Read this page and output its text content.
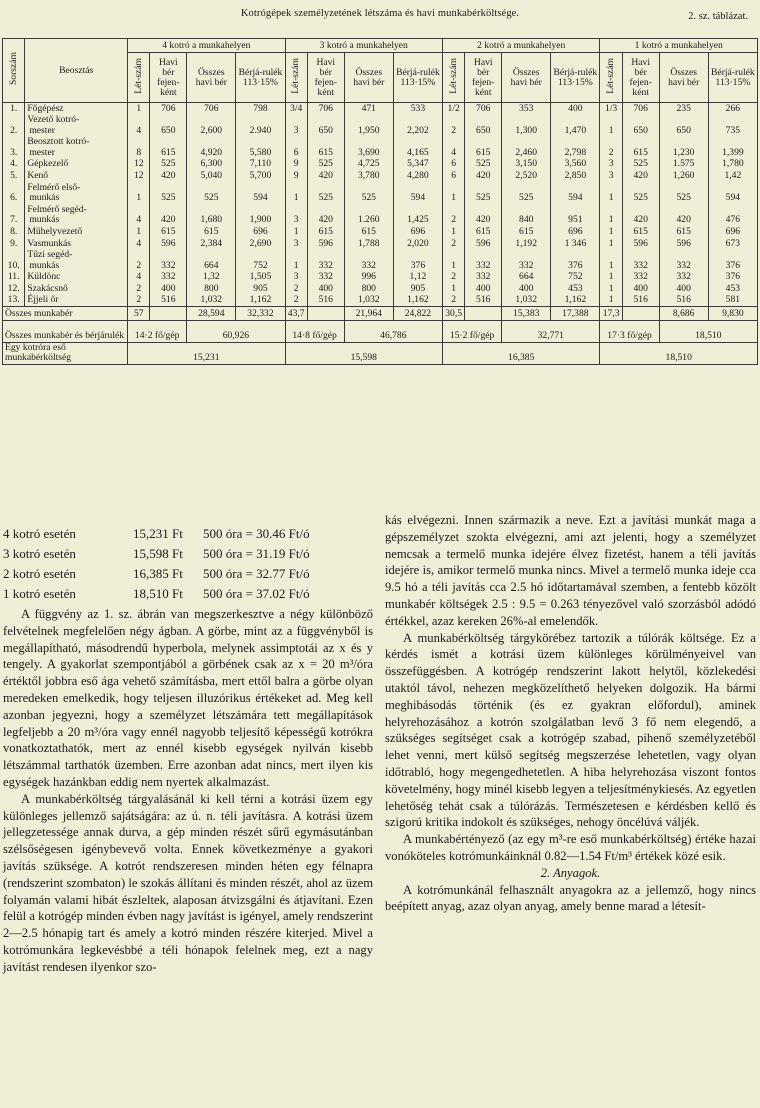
Kotrógépek személyzetének létszáma és havi munkabérköltsége.	2. sz. táblázat.
Sorszám	Beosztás	4 kotró a munkahelyen				3 kotró a munkahelyen				2 kotró a munkahelyen				1 kotró a munkahelyen			
		Lét-szám	Havi bér fejen-ként	Összes havi bér	Bérjá-rulék 113·15%	Lét-szám	Havi bér fejen-ként	Összes havi bér	Bérjá-rulék 113·15%	Lét-szám	Havi bér fejen-ként	Összes havi bér	Bérjá-rulék 113·15%	Lét-szám	Havi bér fejen-ként	Összes havi bér	Bérjá-rulék 113·15%
1.	Főgépész	1	706	706	798	3/4	706	471	533	1/2	706	353	400	1/3	706	235	266
2.	Vezető kotró-
mester	4	650	2,600	2.940	3	650	1,950	2,202	2	650	1,300	1,470	1	650	650	735
3.	Beosztott kotró-
mester	8	615	4,920	5,580	6	615	3,690	4,165	4	615	2,460	2,798	2	615	1,230	1,399
4.	Gépkezelő	12	525	6,300	7,110	9	525	4,725	5,347	6	525	3,150	3,560	3	525	1.575	1,780
5.	Kenő	12	420	5,040	5,700	9	420	3,780	4,280	6	420	2,520	2,850	3	420	1,260	1,42
6.	Felmérő első-
munkás	1	525	525	594	1	525	525	594	1	525	525	594	1	525	525	594
7.	Felmérő segéd-
munkás	4	420	1,680	1,900	3	420	1.260	1,425	2	420	840	951	1	420	420	476
8.	Műhelyvezető	1	615	615	696	1	615	615	696	1	615	615	696	1	615	615	696
9.	Vasmunkás	4	596	2,384	2,690	3	596	1,788	2,020	2	596	1,192	1 346	1	596	596	673
10.	Tűzi segéd-
munkás	2	332	664	752	1	332	332	376	1	332	332	376	1	332	332	376
11.	Küldönc	4	332	1,32	1,505	3	332	996	1,12	2	332	664	752	1	332	332	376
12.	Szakácsnő	2	400	800	905	2	400	800	905	1	400	400	453	1	400	400	453
13.	Éjjeli őr	2	516	1,032	1,162	2	516	1,032	1,162	2	516	1,032	1,162	1	516	516	581
Összes munkabér		57		28,594	32,332	43,7		21,964	24,822	30,5		15,383	17,388	17,3		8,686	9,830
Összes munkabér és bérjárulék		14·2 fő/gép		60,926		14·8 fő/gép		46,786		15·2 fő/gép		32,771		17·3 fő/gép		18,510	
Egy kotróra eső munkabérköltség		15,231				15,598				16,385				18,510			
4 kotró esetén	15,231 Ft	500 óra = 30.46 Ft/ó
3 kotró esetén	15,598 Ft	500 óra = 31.19 Ft/ó
2 kotró esetén	16,385 Ft	500 óra = 32.77 Ft/ó
1 kotró esetén	18,510 Ft	500 óra = 37.02 Ft/ó

A függvény az 1. sz. ábrán van megszerkesztve a négy különböző felvételnek megfelelően négy ágban. A görbe, mint az a függvényből is megállapítható, másodrendű hyperbola, melynek assimptotái az x és y tengely. A gyakorlat szempontjából a görbének csak az x = 20 m³/óra értéktől jobbra eső ága vehető számításba, mert ettől balra a görbe olyan meredeken emelkedik, hogy teljesen illuzórikus értékeket ad. Meg kell azonban jegyezni, hogy a személyzet létszámára tett megállapítások legfeljebb a 20 m³/óra vagy ennél nagyobb teljesítő képességű kotrókra vonatkoztathatók, mert az ennél kisebb egységek nyilván kisebb létszámmal tarthatók üzemben. Erre azonban adat nincs, mert ilyen kis egységek hazánkban eddig nem nyertek alkalmazást.

A munkabérköltség tárgyalásánál ki kell térni a kotrási üzem egy különleges jellemző sajátságára: az ú. n. téli javításra. A kotrási üzem jellegzetessége annak durva, a gép minden részét sűrű egymásutánban szélsőségesen igénybevevő volta. Ennek következménye a gyakori javítás szüksége. A kotrót rendszeresen minden héten egy félnapra (rendszerint szombaton) le szokás állítani és minden részét, ahol az üzem folyamán valami hibát észleltek, alaposan átvizsgálni és átjavítani. Ezen felül a kotrógép minden évben nagy javítást is igényel, amely rendszerint 2—2.5 hónapig tart és amely a kotró minden részére kiterjed. Mivel a kotrómunkára legkevésbbé a téli hónapok felelnek meg, ezt a nagy javítást rendesen ilyenkor szo-

kás elvégezni. Innen származik a neve. Ezt a javítási munkát maga a gépszemélyzet szokta elvégezni, ami azt jelenti, hogy a személyzet nemcsak a termelő munka idejére élvez fizetést, hanem a téli javítás idejére is, amikor termelő munka nincs. Mivel a termelő munka ideje cca 9.5 hó a téli javítás cca 2.5 hó időtartamával szemben, a fentebb közölt munkabér költségek 2.5 : 9.5 = 0.263 tényezővel való szorzásból adódó értékkel, azaz kereken 26%-al emelendők.

A munkabérköltség tárgykörébez tartozik a túlórák költsége. Ez a kérdés ismét a kotrási üzem különleges körülményeivel van összefüggésben. A kotrógép rendszerint lakott helytől, közlekedési utaktól távol, nehezen megközelíthető helyeken dolgozik. Ha bármi meghibásodás történik (és ez gyakran előfordul), aminek helyrehozásához a kotrón szolgálatban levő 3 fő nem elegendő, a szükséges segítséget csak a kotrógép szabad, pihenő személyzetéből lehet venni, mert külső segítség megszerzése lehetetlen, vagy olyan időtrabló, hogy megengedhetetlen. A hiba helyrehozása viszont fontos követelmény, hogy minél kisebb legyen a teljesítménykiesés. Az egyetlen lehetőség tehát csak a túlórázás. Természetesen e kérdésben kellő és szigorú kritika indokolt és szükséges, nehogy öncélúvá váljék.

A munkabértényező (az egy m³-re eső munkabérköltség) értéke hazai vonóköteles kotrómunkáinknál 0.82—1.54 Ft/m³ értékek közé esik.

2. Anyagok.

A kotrómunkánál felhasznált anyagokra az a jellemző, hogy nincs beépített anyag, azaz olyan anyag, amely benne marad a létesít-
